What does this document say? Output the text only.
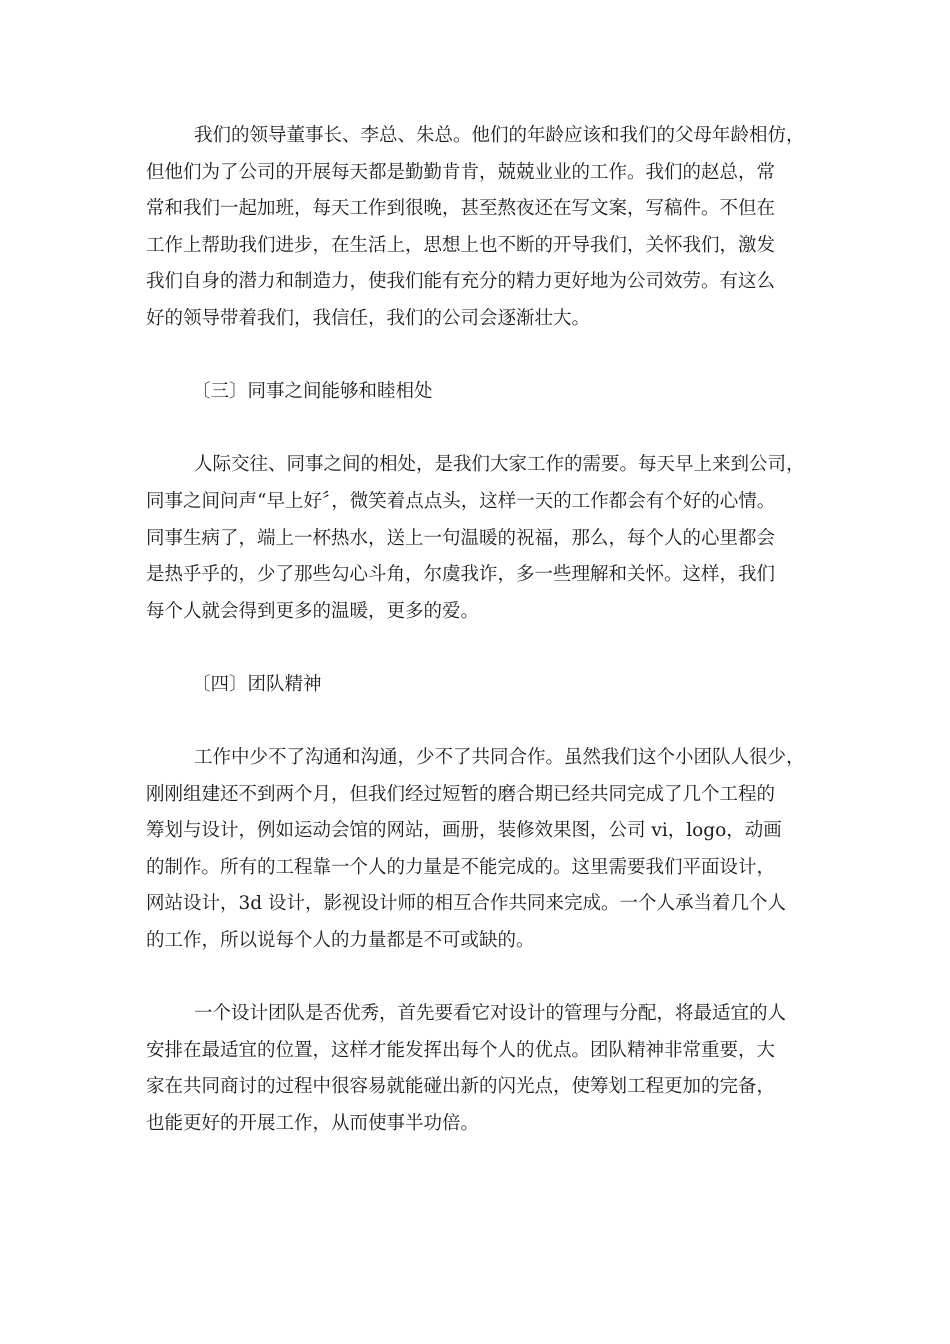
我们的领导董事长、李总、朱总。他们的年龄应该和我们的父母年龄相仿，
但他们为了公司的开展每天都是勤勤肯肯，兢兢业业的工作。我们的赵总，常
常和我们一起加班，每天工作到很晚，甚至熬夜还在写文案，写稿件。不但在
工作上帮助我们进步，在生活上，思想上也不断的开导我们，关怀我们，激发
我们自身的潜力和制造力，使我们能有充分的精力更好地为公司效劳。有这么
好的领导带着我们，我信任，我们的公司会逐渐壮大。
〔三〕同事之间能够和睦相处
人际交往、同事之间的相处，是我们大家工作的需要。每天早上来到公司，
同事之间问声“早上好〞，微笑着点点头，这样一天的工作都会有个好的心情。
同事生病了，端上一杯热水，送上一句温暖的祝福，那么，每个人的心里都会
是热乎乎的，少了那些勾心斗角，尔虞我诈，多一些理解和关怀。这样，我们
每个人就会得到更多的温暖，更多的爱。
〔四〕团队精神
工作中少不了沟通和沟通，少不了共同合作。虽然我们这个小团队人很少，
刚刚组建还不到两个月，但我们经过短暂的磨合期已经共同完成了几个工程的
筹划与设计，例如运动会馆的网站，画册，装修效果图，公司 vi，logo，动画
的制作。所有的工程靠一个人的力量是不能完成的。这里需要我们平面设计，
网站设计，3d 设计，影视设计师的相互合作共同来完成。一个人承当着几个人
的工作，所以说每个人的力量都是不可或缺的。
一个设计团队是否优秀，首先要看它对设计的管理与分配，将最适宜的人
安排在最适宜的位置，这样才能发挥出每个人的优点。团队精神非常重要，大
家在共同商讨的过程中很容易就能碰出新的闪光点，使筹划工程更加的完备，
也能更好的开展工作，从而使事半功倍。
